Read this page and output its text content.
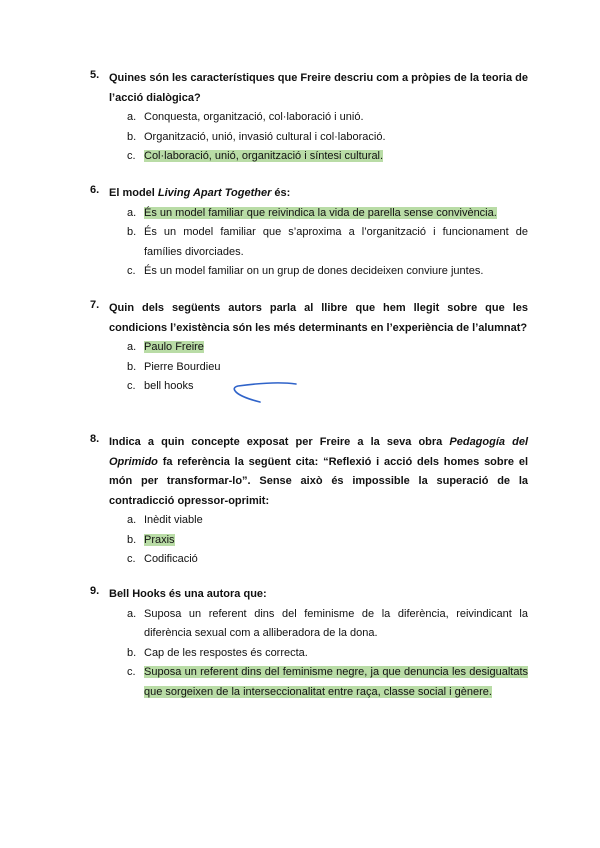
5. Quines són les característiques que Freire descriu com a pròpies de la teoria de l’acció dialògica?
a. Conquesta, organització, col·laboració i unió.
b. Organització, unió, invasió cultural i col·laboració.
c. Col·laboració, unió, organització i síntesi cultural.
6. El model Living Apart Together és:
a. És un model familiar que reivindica la vida de parella sense convivència.
b. És un model familiar que s’aproxima a l’organització i funcionament de famílies divorciades.
c. És un model familiar on un grup de dones decideixen conviure juntes.
7. Quin dels següents autors parla al llibre que hem llegit sobre que les condicions l’existència són les més determinants en l’experiència de l’alumnat?
a. Paulo Freire
b. Pierre Bourdieu
c. bell hooks
8. Indica a quin concepte exposat per Freire a la seva obra Pedagogía del Oprimido fa referència la següent cita: “Reflexió i acció dels homes sobre el món per transformar-lo”. Sense això és impossible la superació de la contradicció opressor-oprimit:
a. Inèdit viable
b. Praxis
c. Codificació
9. Bell Hooks és una autora que:
a. Suposa un referent dins del feminisme de la diferència, reivindicant la diferència sexual com a alliberadora de la dona.
b. Cap de les respostes és correcta.
c. Suposa un referent dins del feminisme negre, ja que denuncia les desigualtats que sorgeixen de la interseccionalitat entre raça, classe social i gènere.
